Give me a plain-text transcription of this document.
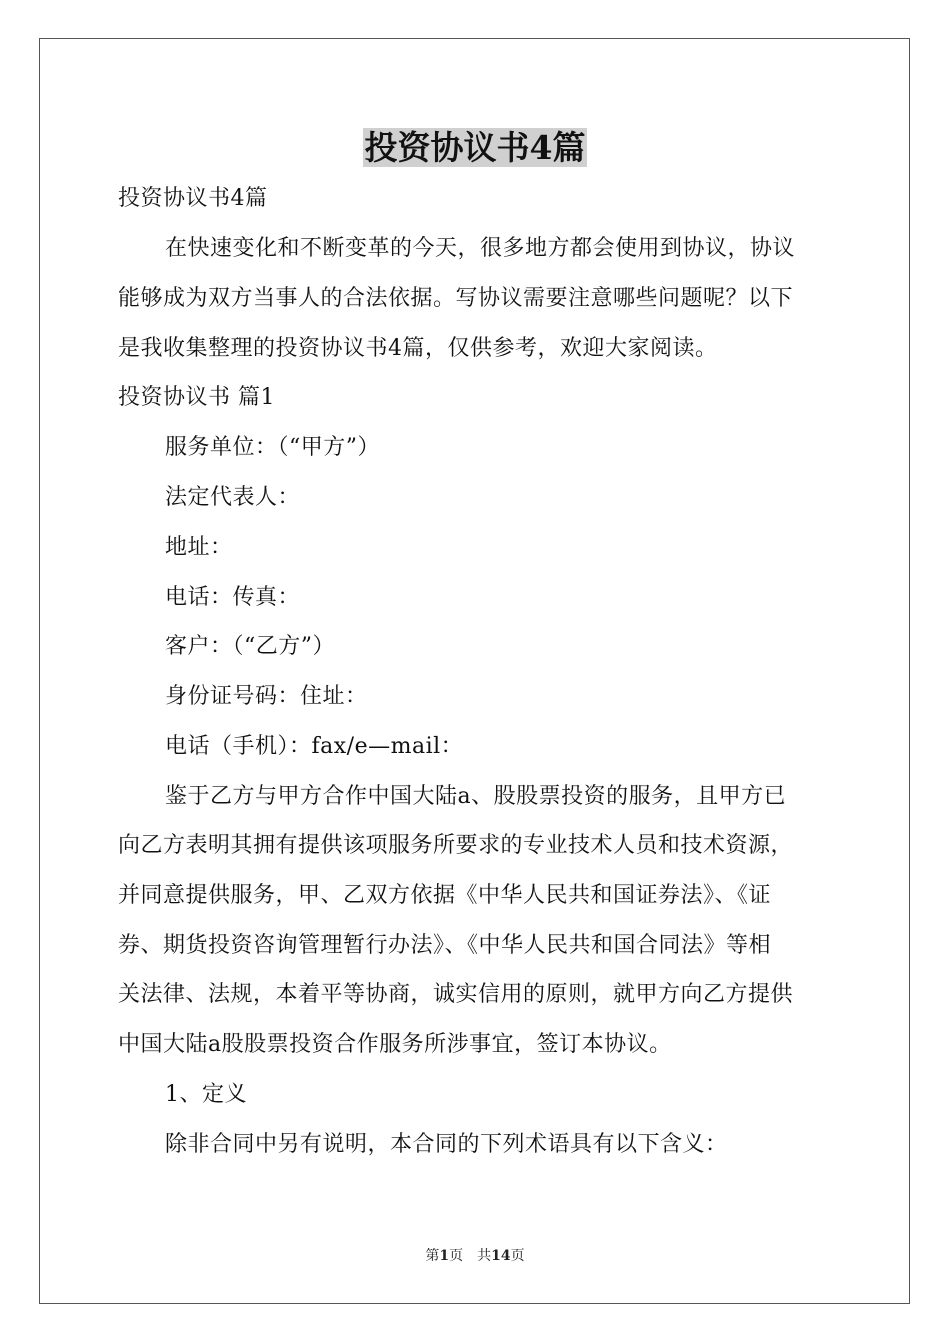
投资协议书4篇
投资协议书4篇
在快速变化和不断变革的今天，很多地方都会使用到协议，协议
能够成为双方当事人的合法依据。写协议需要注意哪些问题呢？以下
是我收集整理的投资协议书4篇，仅供参考，欢迎大家阅读。
投资协议书 篇1
服务单位：（“甲方”）
法定代表人：
地址：
电话：传真：
客户：（“乙方”）
身份证号码：住址：
电话（手机）：fax/e—mail：
鉴于乙方与甲方合作中国大陆a、股股票投资的服务，且甲方已
向乙方表明其拥有提供该项服务所要求的专业技术人员和技术资源，
并同意提供服务，甲、乙双方依据《中华人民共和国证券法》、《证
券、期货投资咨询管理暂行办法》、《中华人民共和国合同法》等相
关法律、法规，本着平等协商，诚实信用的原则，就甲方向乙方提供
中国大陆a股股票投资合作服务所涉事宜，签订本协议。
1、定义
除非合同中另有说明，本合同的下列术语具有以下含义：
第1页　共14页
